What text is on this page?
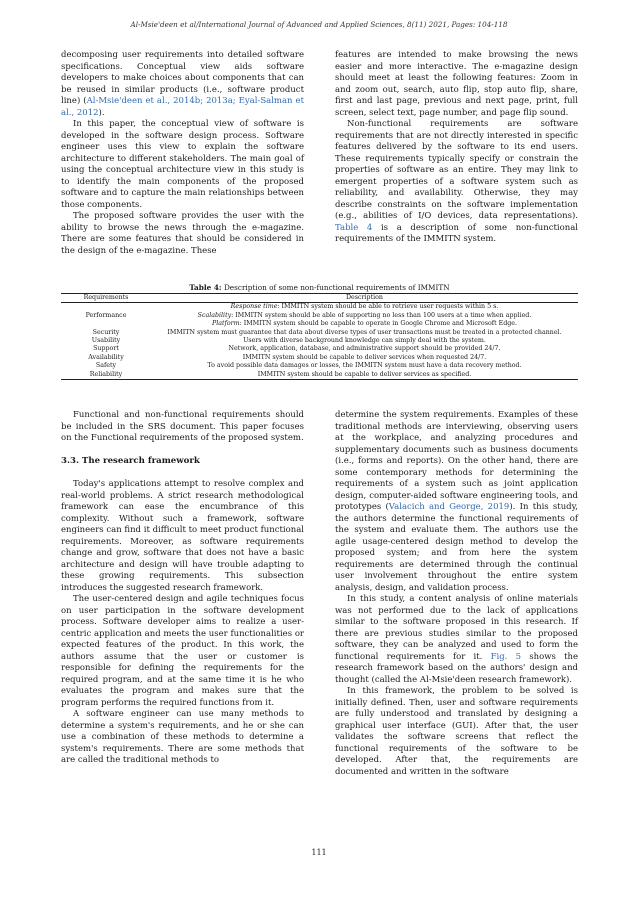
Al-Msie'deen et al/International Journal of Advanced and Applied Sciences, 8(11) 2021, Pages: 104-118

decomposing user requirements into detailed software specifications. Conceptual view aids software developers to make choices about components that can be reused in similar products (i.e., software product line) (Al-Msie'deen et al., 2014b; 2013a; Eyal-Salman et al., 2012).

In this paper, the conceptual view of software is developed in the software design process. Software engineer uses this view to explain the software architecture to different stakeholders. The main goal of using the conceptual architecture view in this study is to identify the main components of the proposed software and to capture the main relationships between those components.

The proposed software provides the user with the ability to browse the news through the e-magazine. There are some features that should be considered in the design of the e-magazine. These

features are intended to make browsing the news easier and more interactive. The e-magazine design should meet at least the following features: Zoom in and zoom out, search, auto flip, stop auto flip, share, first and last page, previous and next page, print, full screen, select text, page number, and page flip sound.

Non-functional requirements are software requirements that are not directly interested in specific features delivered by the software to its end users. These requirements typically specify or constrain the properties of software as an entire. They may link to emergent properties of a software system such as reliability, and availability. Otherwise, they may describe constraints on the software implementation (e.g., abilities of I/O devices, data representations). Table 4 is a description of some non-functional requirements of the IMMITN system.

Table 4: Description of some non-functional requirements of IMMITN
Requirements	Description
Performance	Response time: IMMITN system should be able to retrieve user requests within 5 s.
Scalability: IMMITN system should be able of supporting no less than 100 users at a time when applied.
Platform: IMMITN system should be capable to operate in Google Chrome and Microsoft Edge.

Security	IMMITN system must guarantee that data about diverse types of user transactions must be treated in a protected channel.
Usability	Users with diverse background knowledge can simply deal with the system.
Support	Network, application, database, and administrative support should be provided 24/7.
Availability	IMMITN system should be capable to deliver services when requested 24/7.
Safety	To avoid possible data damages or losses, the IMMITN system must have a data recovery method.
Reliability	IMMITN system should be capable to deliver services as specified.

Functional and non-functional requirements should be included in the SRS document. This paper focuses on the Functional requirements of the proposed system.

3.3. The research framework

Today's applications attempt to resolve complex and real-world problems. A strict research methodological framework can ease the encumbrance of this complexity. Without such a framework, software engineers can find it difficult to meet product functional requirements. Moreover, as software requirements change and grow, software that does not have a basic architecture and design will have trouble adapting to these growing requirements. This subsection introduces the suggested research framework.

The user-centered design and agile techniques focus on user participation in the software development process. Software developer aims to realize a user-centric application and meets the user functionalities or expected features of the product. In this work, the authors assume that the user or customer is responsible for defining the requirements for the required program, and at the same time it is he who evaluates the program and makes sure that the program performs the required functions from it.

A software engineer can use many methods to determine a system's requirements, and he or she can use a combination of these methods to determine a system's requirements. There are some methods that are called the traditional methods to

determine the system requirements. Examples of these traditional methods are interviewing, observing users at the workplace, and analyzing procedures and supplementary documents such as business documents (i.e., forms and reports). On the other hand, there are some contemporary methods for determining the requirements of a system such as joint application design, computer-aided software engineering tools, and prototypes (Valacich and George, 2019). In this study, the authors determine the functional requirements of the system and evaluate them. The authors use the agile usage-centered design method to develop the proposed system; and from here the system requirements are determined through the continual user involvement throughout the entire system analysis, design, and validation process.

In this study, a content analysis of online materials was not performed due to the lack of applications similar to the software proposed in this research. If there are previous studies similar to the proposed software, they can be analyzed and used to form the functional requirements for it. Fig. 5 shows the research framework based on the authors' design and thought (called the Al-Msie'deen research framework).

In this framework, the problem to be solved is initially defined. Then, user and software requirements are fully understood and translated by designing a graphical user interface (GUI). After that, the user validates the software screens that reflect the functional requirements of the software to be developed. After that, the requirements are documented and written in the software

111
